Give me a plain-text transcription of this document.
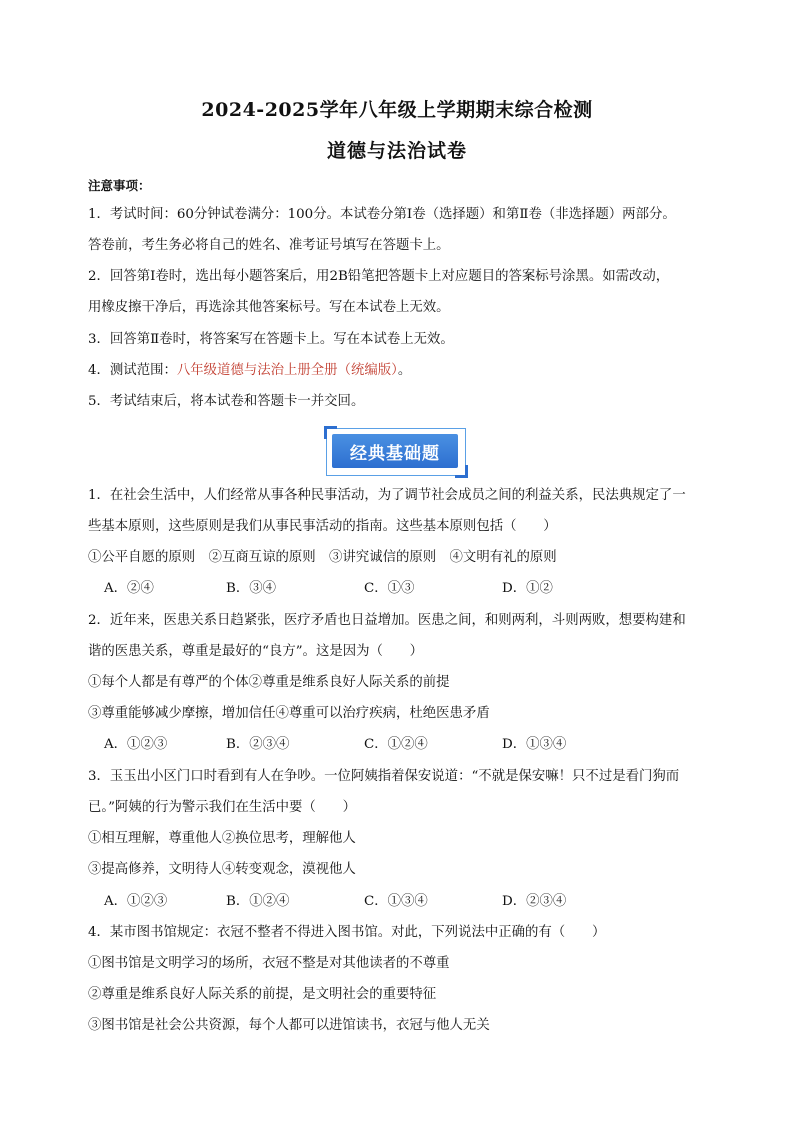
2024-2025学年八年级上学期期末综合检测
道德与法治试卷
注意事项：
1．考试时间：60分钟试卷满分：100分。本试卷分第Ⅰ卷（选择题）和第Ⅱ卷（非选择题）两部分。
答卷前，考生务必将自己的姓名、准考证号填写在答题卡上。
2．回答第Ⅰ卷时，选出每小题答案后，用2B铅笔把答题卡上对应题目的答案标号涂黑。如需改动，
用橡皮擦干净后，再选涂其他答案标号。写在本试卷上无效。
3．回答第Ⅱ卷时，将答案写在答题卡上。写在本试卷上无效。
4．测试范围：八年级道德与法治上册全册（统编版）。
5．考试结束后，将本试卷和答题卡一并交回。
经典基础题
1．在社会生活中，人们经常从事各种民事活动，为了调节社会成员之间的利益关系，民法典规定了一
些基本原则，这些原则是我们从事民事活动的指南。这些基本原则包括（　　）
①公平自愿的原则　②互商互谅的原则　③讲究诚信的原则　④文明有礼的原则
A．②④	B．③④	C．①③	D．①②
2．近年来，医患关系日趋紧张，医疗矛盾也日益增加。医患之间，和则两利，斗则两败，想要构建和
谐的医患关系，尊重是最好的“良方”。这是因为（　　）
①每个人都是有尊严的个体②尊重是维系良好人际关系的前提
③尊重能够减少摩擦，增加信任④尊重可以治疗疾病，杜绝医患矛盾
A．①②③	B．②③④	C．①②④	D．①③④
3．玉玉出小区门口时看到有人在争吵。一位阿姨指着保安说道：“不就是保安嘛！只不过是看门狗而
已。”阿姨的行为警示我们在生活中要（　　）
①相互理解，尊重他人②换位思考，理解他人
③提高修养，文明待人④转变观念，漠视他人
A．①②③	B．①②④	C．①③④	D．②③④
4．某市图书馆规定：衣冠不整者不得进入图书馆。对此，下列说法中正确的有（　　）
①图书馆是文明学习的场所，衣冠不整是对其他读者的不尊重
②尊重是维系良好人际关系的前提，是文明社会的重要特征
③图书馆是社会公共资源，每个人都可以进馆读书，衣冠与他人无关
